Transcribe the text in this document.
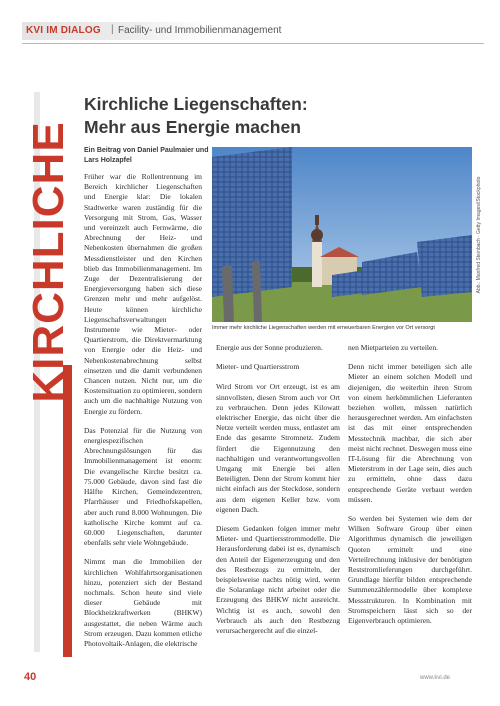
KVI IM DIALOG | Facility- und Immobilienmanagement
KIRCHLICHE
Kirchliche Liegenschaften:
Mehr aus Energie machen
Ein Beitrag von Daniel Paulmaier und
Lars Holzapfel
Abb.: Manfred Steinbach · Getty Images/iStockphoto
Immer mehr kirchliche Liegenschaften werden mit erneuerbaren Energien vor Ort versorgt

Früher war die Rollentrennung im Bereich kirchlicher Liegenschaften und Energie klar: Die lokalen Stadtwerke waren zuständig für die Versorgung mit Strom, Gas, Wasser und vereinzelt auch Fernwärme, die Abrechnung der Heiz- und Nebenkosten übernahmen die großen Messdienstleister und den Kirchen blieb das Immobilienmanagement. Im Zuge der Dezentralisierung der Energieversorgung haben sich diese Grenzen mehr und mehr aufgelöst. Heute können kirchliche Liegenschaftsverwaltungen Instrumente wie Mieter- oder Quartierstrom, die Direktvermarktung von Energie oder die Heiz- und Nebenkostenabrechnung selbst einsetzen und die damit verbundenen Chancen nutzen. Nicht nur, um die Kostensituation zu optimieren, sondern auch um die nachhaltige Nutzung von Energie zu fördern.

Das Potenzial für die Nutzung von energiespezifischen Abrechnungslösungen für das Immobilienmanagement ist enorm: Die evangelische Kirche besitzt ca. 75.000 Gebäude, davon sind fast die Hälfte Kirchen, Gemeindezentren, Pfarrhäuser und Friedhofskapellen, aber auch rund 8.000 Wohnungen. Die katholische Kirche kommt auf ca. 60.000 Liegenschaften, darunter ebenfalls sehr viele Wohngebäude.

Nimmt man die Immobilien der kirchlichen Wohlfahrtsorganisationen hinzu, potenziert sich der Bestand nochmals. Schon heute sind viele dieser Gebäude mit Blockheizkraftwerken (BHKW) ausgestattet, die neben Wärme auch Strom erzeugen. Dazu kommen etliche Photovoltaik-Anlagen, die elektrische

Energie aus der Sonne produzieren.

Mieter- und Quartiersstrom

Wird Strom vor Ort erzeugt, ist es am sinnvollsten, diesen Strom auch vor Ort zu verbrauchen. Denn jedes Kilowatt elektrischer Energie, das nicht über die Netze verteilt werden muss, entlastet am Ende das gesamte Stromnetz. Zudem fördert die Eigennutzung den nachhaltigen und verantwortungsvollen Umgang mit Energie bei allen Beteiligten. Denn der Strom kommt hier nicht einfach aus der Steckdose, sondern aus dem eigenen Keller bzw. vom eigenen Dach.

Diesem Gedanken folgen immer mehr Mieter- und Quartiersstrommodelle. Die Herausforderung dabei ist es, dynamisch den Anteil der Eigenerzeugung und den des Restbezugs zu ermitteln, der beispielsweise nachts nötig wird, wenn die Solaranlage nicht arbeitet oder die Erzeugung des BHKW nicht ausreicht. Wichtig ist es auch, sowohl den Verbrauch als auch den Restbezug verursachergerecht auf die einzel-

nen Mietparteien zu verteilen.

Denn nicht immer beteiligen sich alle Mieter an einem solchen Modell und diejenigen, die weiterhin ihren Strom von einem herkömmlichen Lieferanten beziehen wollen, müssen natürlich herausgerechnet werden. Am einfachsten ist das mit einer entsprechenden Messtechnik machbar, die sich aber meist nicht rechnet. Deswegen muss eine IT-Lösung für die Abrechnung von Mieterstrom in der Lage sein, dies auch zu ermitteln, ohne dass dazu entsprechende Geräte verbaut werden müssen.

So werden bei Systemen wie dem der Wilken Software Group über einen Algorithmus dynamisch die jeweiligen Quoten ermittelt und eine Verteilrechnung inklusive der benötigten Reststromlieferungen durchgeführt. Grundlage hierfür bilden entsprechende Summenzählermodelle über komplexe Messstrukturen. In Kombination mit Stromspeichern lässt sich so der Eigenverbrauch optimieren.

40	www.kvi.de
